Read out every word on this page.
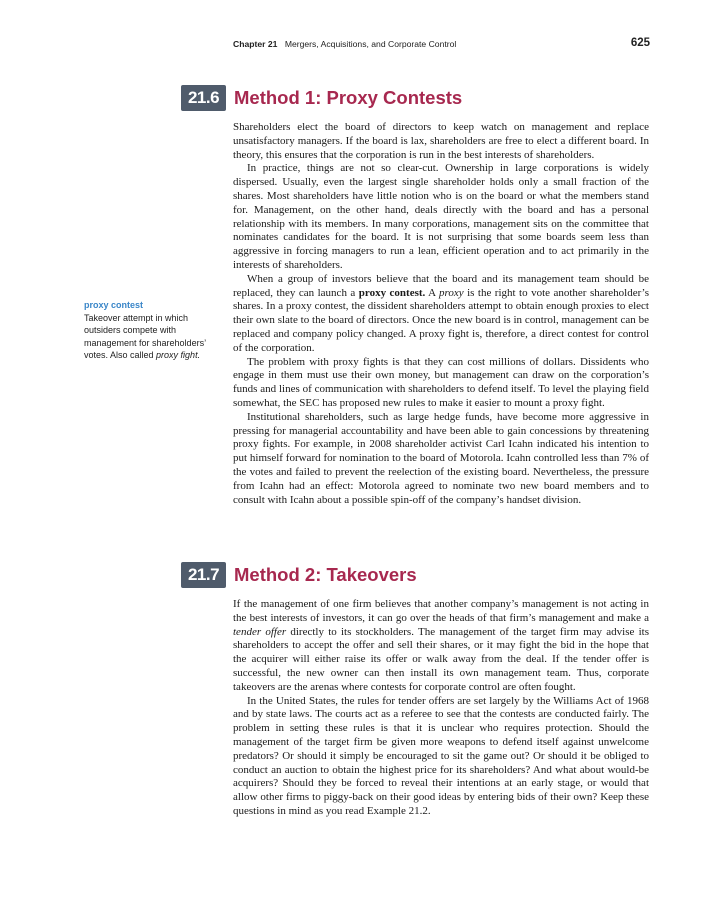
Chapter 21 Mergers, Acquisitions, and Corporate Control	625
21.6 Method 1: Proxy Contests

Shareholders elect the board of directors to keep watch on management and replace unsatisfactory managers. If the board is lax, shareholders are free to elect a different board. In theory, this ensures that the corporation is run in the best interests of shareholders.

In practice, things are not so clear-cut. Ownership in large corporations is widely dispersed. Usually, even the largest single shareholder holds only a small fraction of the shares. Most shareholders have little notion who is on the board or what the members stand for. Management, on the other hand, deals directly with the board and has a personal relationship with its members. In many corporations, management sits on the committee that nominates candidates for the board. It is not surprising that some boards seem less than aggressive in forcing managers to run a lean, efficient operation and to act primarily in the interests of shareholders.

When a group of investors believe that the board and its management team should be replaced, they can launch a proxy contest. A proxy is the right to vote another shareholder’s shares. In a proxy contest, the dissident shareholders attempt to obtain enough proxies to elect their own slate to the board of directors. Once the new board is in control, management can be replaced and company policy changed. A proxy fight is, therefore, a direct contest for control of the corporation.

The problem with proxy fights is that they can cost millions of dollars. Dissidents who engage in them must use their own money, but management can draw on the corporation’s funds and lines of communication with shareholders to defend itself. To level the playing field somewhat, the SEC has proposed new rules to make it easier to mount a proxy fight.

Institutional shareholders, such as large hedge funds, have become more aggressive in pressing for managerial accountability and have been able to gain concessions by threatening proxy fights. For example, in 2008 shareholder activist Carl Icahn indicated his intention to put himself forward for nomination to the board of Motorola. Icahn controlled less than 7% of the votes and failed to prevent the reelection of the existing board. Nevertheless, the pressure from Icahn had an effect: Motorola agreed to nominate two new board members and to consult with Icahn about a possible spin-off of the company’s handset division.

proxy contest
Takeover attempt in which outsiders compete with management for shareholders’ votes. Also called proxy fight.
21.7 Method 2: Takeovers

If the management of one firm believes that another company’s management is not acting in the best interests of investors, it can go over the heads of that firm’s management and make a tender offer directly to its stockholders. The management of the target firm may advise its shareholders to accept the offer and sell their shares, or it may fight the bid in the hope that the acquirer will either raise its offer or walk away from the deal. If the tender offer is successful, the new owner can then install its own management team. Thus, corporate takeovers are the arenas where contests for corporate control are often fought.

In the United States, the rules for tender offers are set largely by the Williams Act of 1968 and by state laws. The courts act as a referee to see that the contests are conducted fairly. The problem in setting these rules is that it is unclear who requires protection. Should the management of the target firm be given more weapons to defend itself against unwelcome predators? Or should it simply be encouraged to sit the game out? Or should it be obliged to conduct an auction to obtain the highest price for its shareholders? And what about would-be acquirers? Should they be forced to reveal their intentions at an early stage, or would that allow other firms to piggy-back on their good ideas by entering bids of their own? Keep these questions in mind as you read Example 21.2.
